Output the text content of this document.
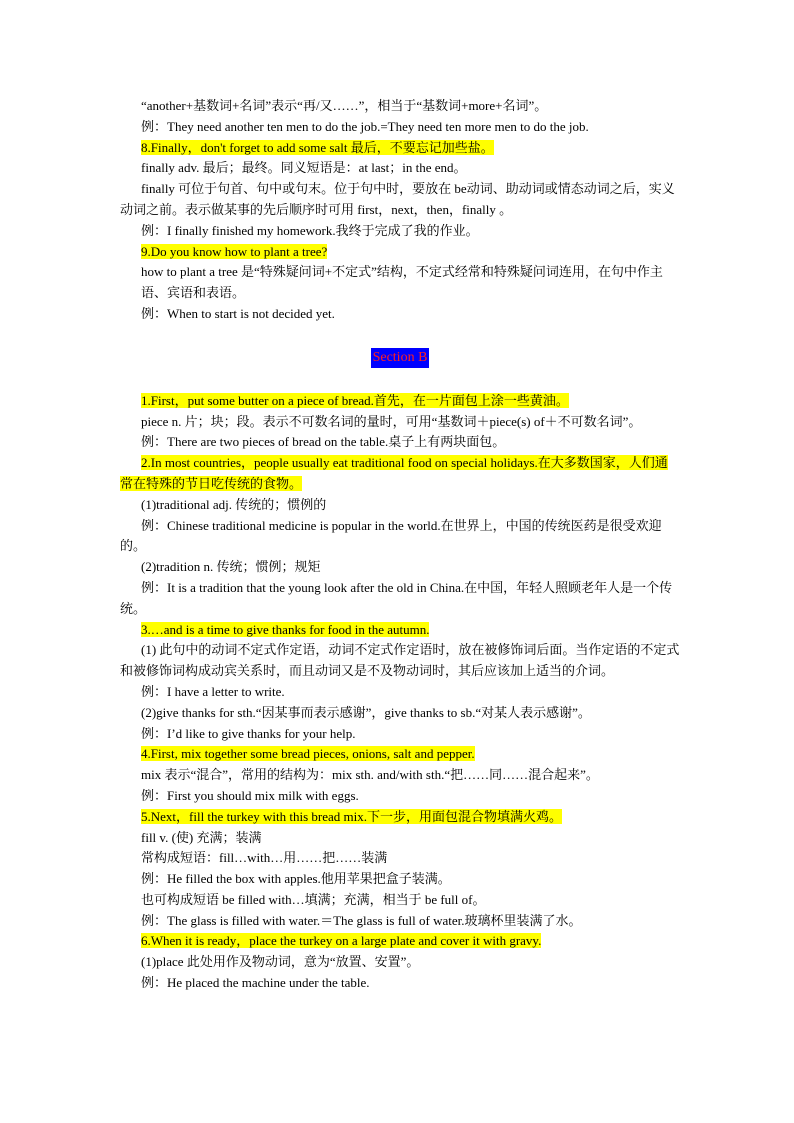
“another+基数词+名词”表示“再/又……”，相当于“基数词+more+名词”。

例：They need another ten men to do the job.=They need ten more men to do the job.

8.Finally，don't forget to add some salt 最后，不要忘记加些盐。

finally adv. 最后；最终。同义短语是：at last；in the end。

finally 可位于句首、句中或句末。位于句中时，要放在 be动词、助动词或情态动词之后，实义动词之前。表示做某事的先后顺序时可用 first，next，then，finally 。

例：I finally finished my homework.我终于完成了我的作业。

9.Do you know how to plant a tree?

how to plant a tree 是“特殊疑问词+不定式”结构，不定式经常和特殊疑问词连用，在句中作主语、宾语和表语。

例：When to start is not decided yet.

Section B

1.First，put some butter on a piece of bread.首先，在一片面包上涂一些黄油。

piece n. 片；块；段。表示不可数名词的量时，可用“基数词＋piece(s) of＋不可数名词”。

例：There are two pieces of bread on the table.桌子上有两块面包。

2.In most countries，people usually eat traditional food on special holidays.在大多数国家，人们通常在特殊的节日吃传统的食物。

(1)traditional adj. 传统的；惯例的

例：Chinese traditional medicine is popular in the world.在世界上，中国的传统医药是很受欢迎的。

(2)tradition n. 传统；惯例；规矩

例：It is a tradition that the young look after the old in China.在中国，年轻人照顾老年人是一个传统。

3.…and is a time to give thanks for food in the autumn.

(1) 此句中的动词不定式作定语，动词不定式作定语时，放在被修饰词后面。当作定语的不定式和被修饰词构成动宾关系时，而且动词又是不及物动词时，其后应该加上适当的介词。

例：I have a letter to write.

(2)give thanks for sth.“因某事而表示感谢”，give thanks to sb.“对某人表示感谢”。

例：I’d like to give thanks for your help.

4.First, mix together some bread pieces, onions, salt and pepper.

mix 表示“混合”，常用的结构为：mix sth. and/with sth.“把……同……混合起来”。

例：First you should mix milk with eggs.

5.Next，fill the turkey with this bread mix.下一步，用面包混合物填满火鸡。

fill v. (使) 充满；装满

常构成短语：fill…with…用……把……装满

例：He filled the box with apples.他用苹果把盒子装满。

也可构成短语 be filled with…填满；充满，相当于 be full of。

例：The glass is filled with water.＝The glass is full of water.玻璃杯里装满了水。

6.When it is ready，place the turkey on a large plate and cover it with gravy.

(1)place 此处用作及物动词，意为“放置、安置”。

例：He placed the machine under the table.
